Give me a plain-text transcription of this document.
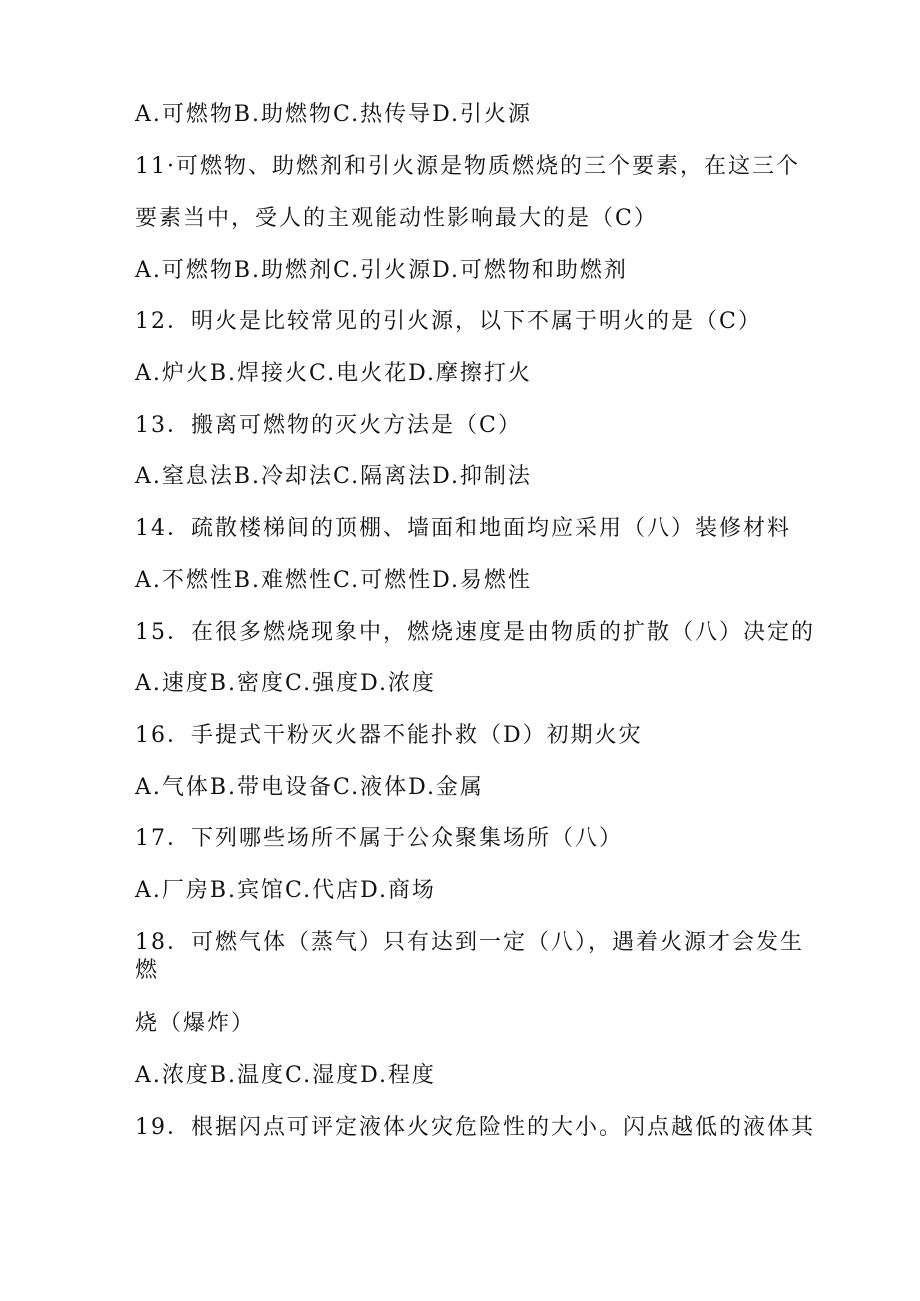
A.可燃物B.助燃物C.热传导D.引火源
11·可燃物、助燃剂和引火源是物质燃烧的三个要素，在这三个
要素当中，受人的主观能动性影响最大的是（C）
A.可燃物B.助燃剂C.引火源D.可燃物和助燃剂
12．明火是比较常见的引火源，以下不属于明火的是（C）
A.炉火B.焊接火C.电火花D.摩擦打火
13．搬离可燃物的灭火方法是（C）
A.窒息法B.冷却法C.隔离法D.抑制法
14．疏散楼梯间的顶棚、墙面和地面均应采用（八）装修材料
A.不燃性B.难燃性C.可燃性D.易燃性
15．在很多燃烧现象中，燃烧速度是由物质的扩散（八）决定的
A.速度B.密度C.强度D.浓度
16．手提式干粉灭火器不能扑救（D）初期火灾
A.气体B.带电设备C.液体D.金属
17．下列哪些场所不属于公众聚集场所（八）
A.厂房B.宾馆C.代店D.商场
18．可燃气体（蒸气）只有达到一定（八），遇着火源才会发生
燃
烧（爆炸）
A.浓度B.温度C.湿度D.程度
19．根据闪点可评定液体火灾危险性的大小。闪点越低的液体其
